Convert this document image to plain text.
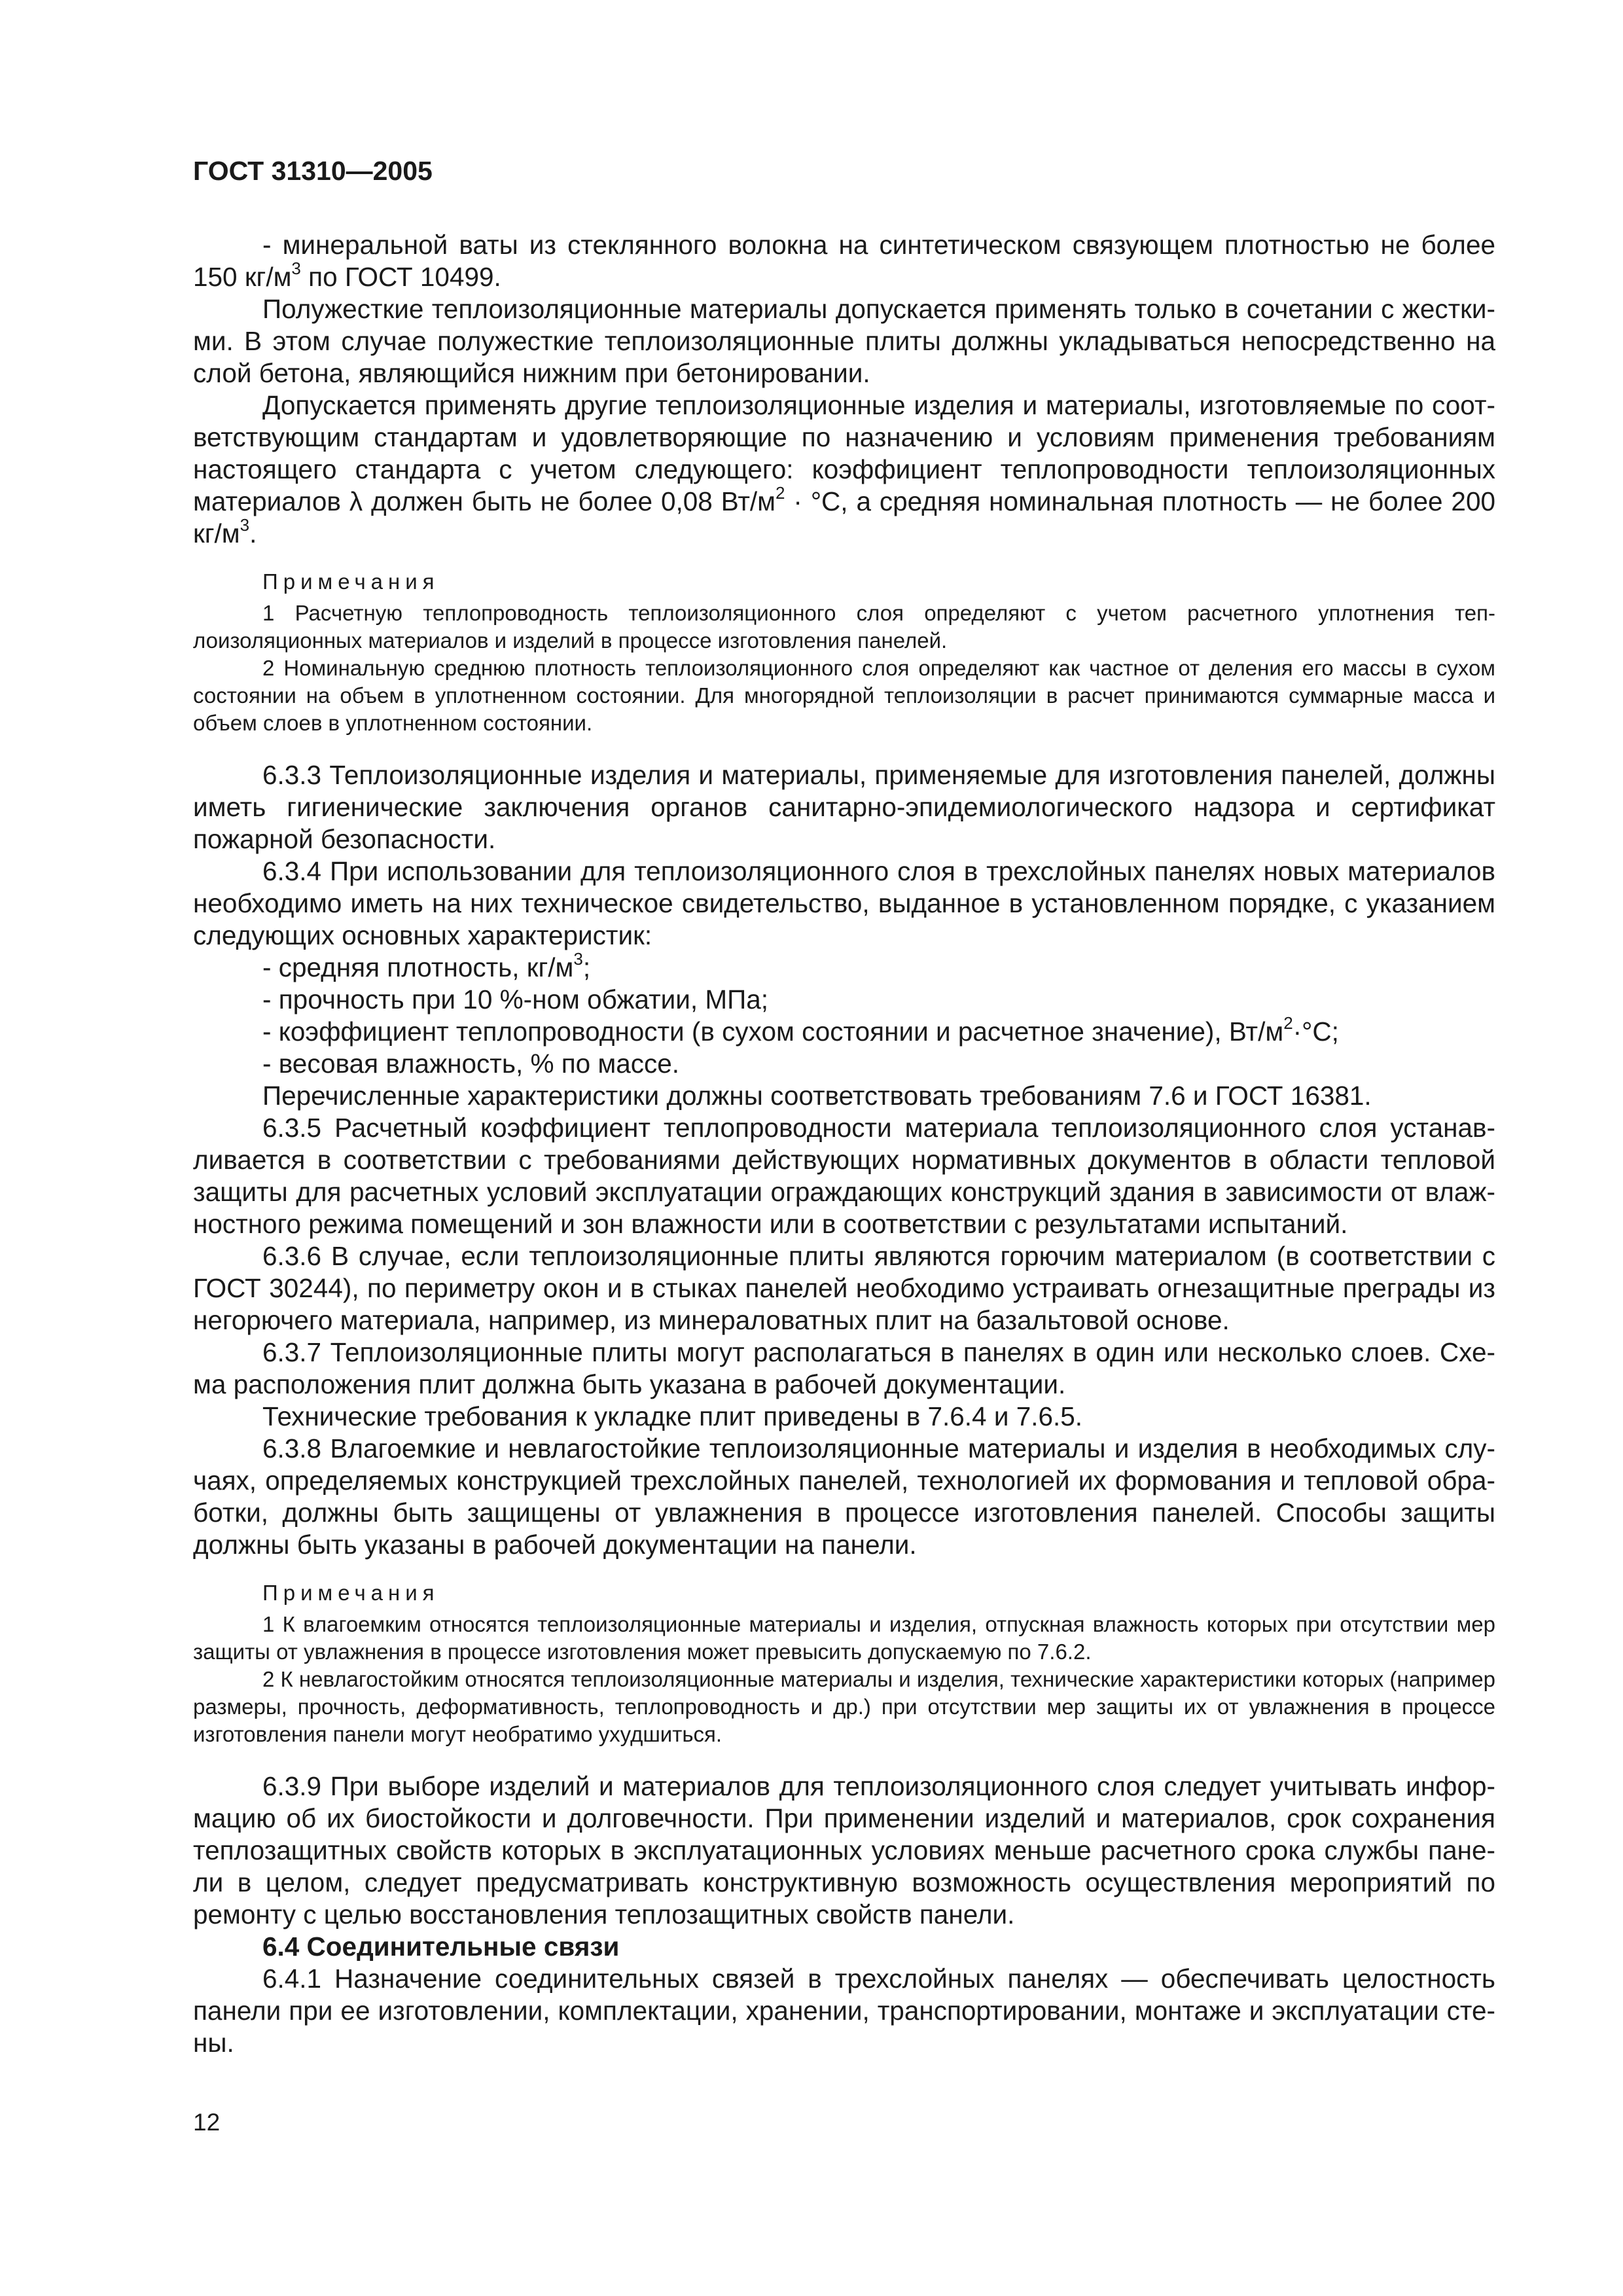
ГОСТ 31310—2005

- минеральной ваты из стеклянного волокна на синтетическом связующем плотностью не более 150 $кг/м^3$ по ГОСТ 10499.

Полужесткие теплоизоляционные материалы допускается применять только в сочетании с жесткими. В этом случае полужесткие теплоизоляционные плиты должны укладываться непосредственно на слой бетона, являющийся нижним при бетонировании.

Допускается применять другие теплоизоляционные изделия и материалы, изготовляемые по соответствующим стандартам и удовлетворяющие по назначению и условиям применения требованиям настоящего стандарта с учетом следующего: коэффициент теплопроводности теплоизоляционных материалов λ должен быть не более 0,08 $Вт/м^2 \cdot ^\circ С$, а средняя номинальная плотность — не более 200 $кг/м^3$.

Примечания

1 Расчетную теплопроводность теплоизоляционного слоя определяют с учетом расчетного уплотнения теплоизоляционных материалов и изделий в процессе изготовления панелей.

2 Номинальную среднюю плотность теплоизоляционного слоя определяют как частное от деления его массы в сухом состоянии на объем в уплотненном состоянии. Для многорядной теплоизоляции в расчет принимаются суммарные масса и объем слоев в уплотненном состоянии.

6.3.3 Теплоизоляционные изделия и материалы, применяемые для изготовления панелей, должны иметь гигиенические заключения органов санитарно-эпидемиологического надзора и сертификат пожарной безопасности.

6.3.4 При использовании для теплоизоляционного слоя в трехслойных панелях новых материалов необходимо иметь на них техническое свидетельство, выданное в установленном порядке, с указанием следующих основных характеристик:

- средняя плотность, $кг/м^3$;

- прочность при 10 %-ном обжатии, МПа;

- коэффициент теплопроводности (в сухом состоянии и расчетное значение), $Вт/м^2\cdot^\circ С$;

- весовая влажность, % по массе.

Перечисленные характеристики должны соответствовать требованиям 7.6 и ГОСТ 16381.

6.3.5 Расчетный коэффициент теплопроводности материала теплоизоляционного слоя устанавливается в соответствии с требованиями действующих нормативных документов в области тепловой защиты для расчетных условий эксплуатации ограждающих конструкций здания в зависимости от влажностного режима помещений и зон влажности или в соответствии с результатами испытаний.

6.3.6 В случае, если теплоизоляционные плиты являются горючим материалом (в соответствии с ГОСТ 30244), по периметру окон и в стыках панелей необходимо устраивать огнезащитные преграды из негорючего материала, например, из минераловатных плит на базальтовой основе.

6.3.7 Теплоизоляционные плиты могут располагаться в панелях в один или несколько слоев. Схема расположения плит должна быть указана в рабочей документации.

Технические требования к укладке плит приведены в 7.6.4 и 7.6.5.

6.3.8 Влагоемкие и невлагостойкие теплоизоляционные материалы и изделия в необходимых случаях, определяемых конструкцией трехслойных панелей, технологией их формования и тепловой обработки, должны быть защищены от увлажнения в процессе изготовления панелей. Способы защиты должны быть указаны в рабочей документации на панели.

Примечания

1 К влагоемким относятся теплоизоляционные материалы и изделия, отпускная влажность которых при отсутствии мер защиты от увлажнения в процессе изготовления может превысить допускаемую по 7.6.2.

2 К невлагостойким относятся теплоизоляционные материалы и изделия, технические характеристики которых (например размеры, прочность, деформативность, теплопроводность и др.) при отсутствии мер защиты их от увлажнения в процессе изготовления панели могут необратимо ухудшиться.

6.3.9 При выборе изделий и материалов для теплоизоляционного слоя следует учитывать информацию об их биостойкости и долговечности. При применении изделий и материалов, срок сохранения теплозащитных свойств которых в эксплуатационных условиях меньше расчетного срока службы панели в целом, следует предусматривать конструктивную возможность осуществления мероприятий по ремонту с целью восстановления теплозащитных свойств панели.

6.4 Соединительные связи

6.4.1 Назначение соединительных связей в трехслойных панелях — обеспечивать целостность панели при ее изготовлении, комплектации, хранении, транспортировании, монтаже и эксплуатации стены.

12
